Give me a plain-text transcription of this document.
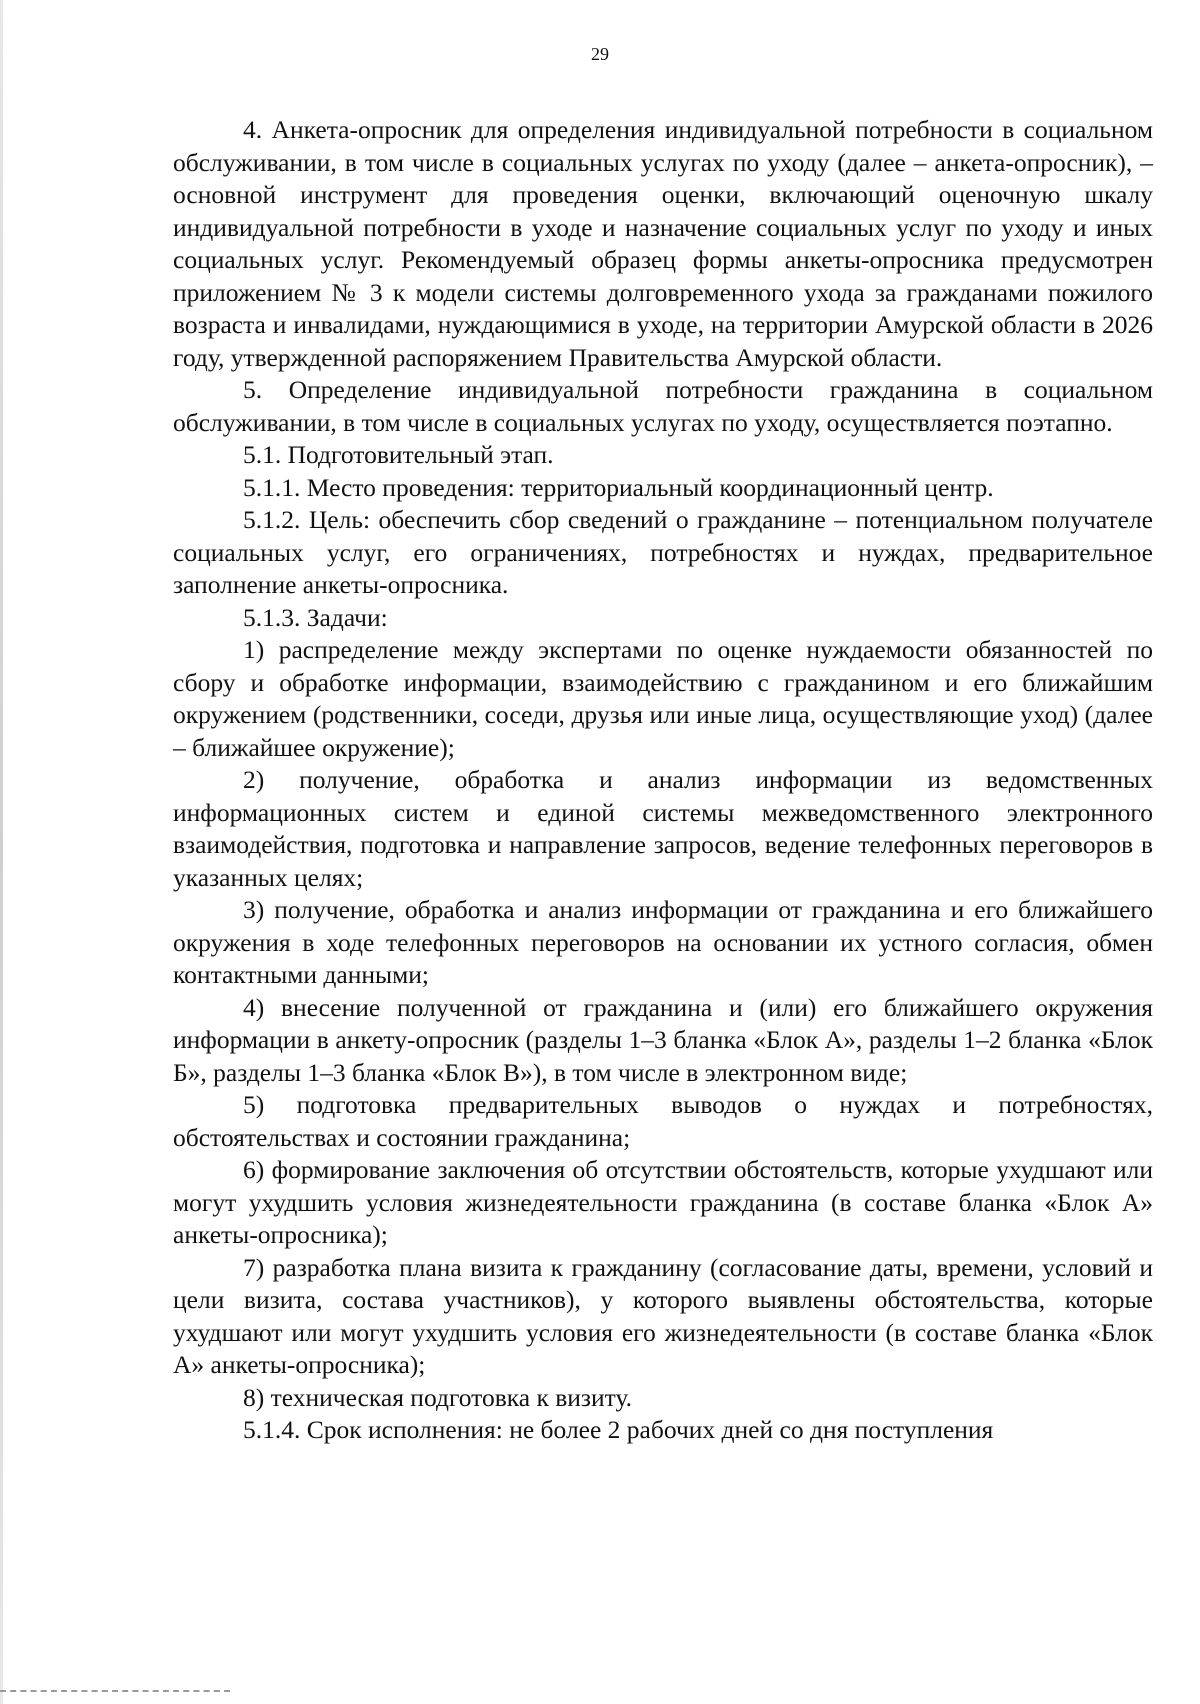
29

4. Анкета-опросник для определения индивидуальной потребности в социальном обслуживании, в том числе в социальных услугах по уходу (далее – анкета-опросник), – основной инструмент для проведения оценки, включающий оценочную шкалу индивидуальной потребности в уходе и назначение социальных услуг по уходу и иных социальных услуг. Рекомендуемый образец формы анкеты-опросника предусмотрен приложением № 3 к модели системы долговременного ухода за гражданами пожилого возраста и инвалидами, нуждающимися в уходе, на территории Амурской области в 2026 году, утвержденной распоряжением Правительства Амурской области.

5. Определение индивидуальной потребности гражданина в социальном обслуживании, в том числе в социальных услугах по уходу, осуществляется поэтапно.

5.1. Подготовительный этап.

5.1.1. Место проведения: территориальный координационный центр.

5.1.2. Цель: обеспечить сбор сведений о гражданине – потенциальном получателе социальных услуг, его ограничениях, потребностях и нуждах, предварительное заполнение анкеты-опросника.

5.1.3. Задачи:

1) распределение между экспертами по оценке нуждаемости обязанностей по сбору и обработке информации, взаимодействию с гражданином и его ближайшим окружением (родственники, соседи, друзья или иные лица, осуществляющие уход) (далее – ближайшее окружение);

2) получение, обработка и анализ информации из ведомственных информационных систем и единой системы межведомственного электронного взаимодействия, подготовка и направление запросов, ведение телефонных переговоров в указанных целях;

3) получение, обработка и анализ информации от гражданина и его ближайшего окружения в ходе телефонных переговоров на основании их устного согласия, обмен контактными данными;

4) внесение полученной от гражданина и (или) его ближайшего окружения информации в анкету-опросник (разделы 1–3 бланка «Блок А», разделы 1–2 бланка «Блок Б», разделы 1–3 бланка «Блок В»), в том числе в электронном виде;

5) подготовка предварительных выводов о нуждах и потребностях, обстоятельствах и состоянии гражданина;

6) формирование заключения об отсутствии обстоятельств, которые ухудшают или могут ухудшить условия жизнедеятельности гражданина (в составе бланка «Блок А» анкеты-опросника);

7) разработка плана визита к гражданину (согласование даты, времени, условий и цели визита, состава участников), у которого выявлены обстоятельства, которые ухудшают или могут ухудшить условия его жизнедеятельности (в составе бланка «Блок А» анкеты-опросника);

8) техническая подготовка к визиту.

5.1.4. Срок исполнения: не более 2 рабочих дней со дня поступления
